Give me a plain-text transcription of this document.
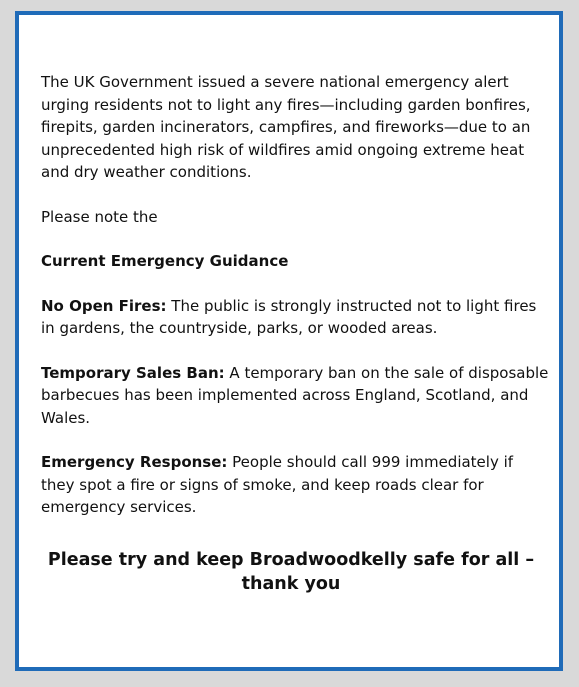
The UK Government issued a severe national emergency alert urging residents not to light any fires—including garden bonfires, firepits, garden incinerators, campfires, and fireworks—due to an unprecedented high risk of wildfires amid ongoing extreme heat and dry weather conditions.

Please note the

Current Emergency Guidance

No Open Fires: The public is strongly instructed not to light fires in gardens, the countryside, parks, or wooded areas.

Temporary Sales Ban: A temporary ban on the sale of disposable barbecues has been implemented across England, Scotland, and Wales.

Emergency Response: People should call 999 immediately if they spot a fire or signs of smoke, and keep roads clear for emergency services.

Please try and keep Broadwoodkelly safe for all – thank you
